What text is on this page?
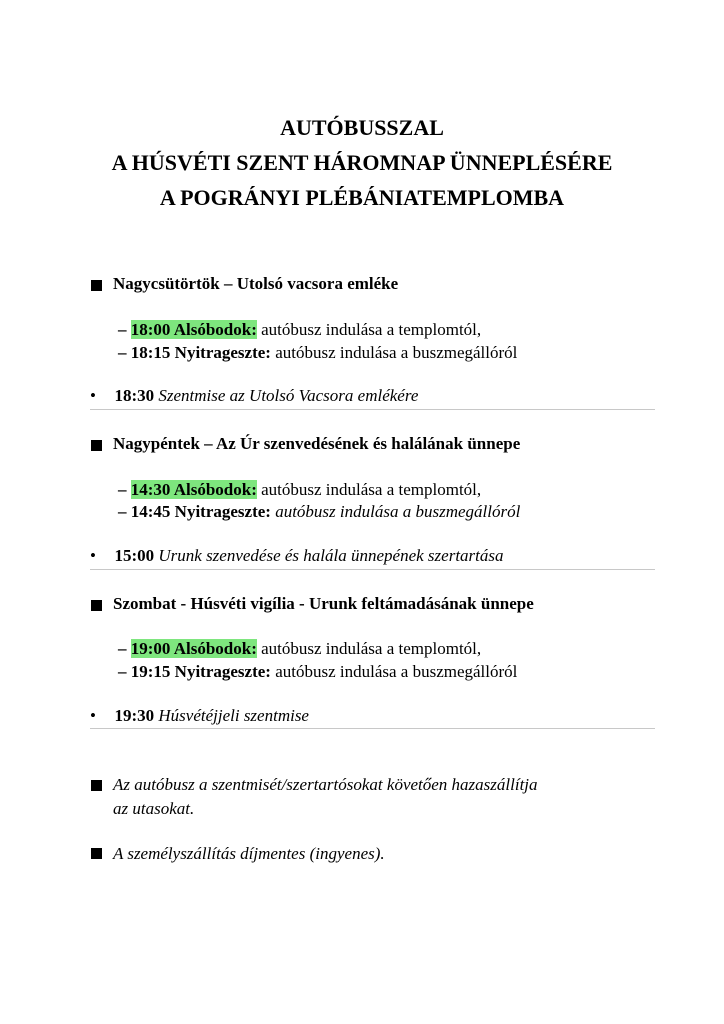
AUTÓBUSSZAL
A HÚSVÉTI SZENT HÁROMNAP ÜNNEPLÉSÉRE
A POGRÁNYI PLÉBÁNIATEMPLOMBA
Nagycsütörtök – Utolsó vacsora emléke
– 18:00 Alsóbodok: autóbusz indulása a templomtól,
– 18:15 Nyitrageszte: autóbusz indulása a buszmegállóról
• 18:30 Szentmise az Utolsó Vacsora emlékére
Nagypéntek – Az Úr szenvedésének és halálának ünnepe
– 14:30 Alsóbodok: autóbusz indulása a templomtól,
– 14:45 Nyitrageszte: autóbusz indulása a buszmegállóról
• 15:00 Urunk szenvedése és halála ünnepének szertartása
Szombat - Húsvéti vigília - Urunk feltámadásának ünnepe
– 19:00 Alsóbodok: autóbusz indulása a templomtól,
– 19:15 Nyitrageszte: autóbusz indulása a buszmegállóról
• 19:30 Húsvétéjjeli szentmise
Az autóbusz a szentmisét/szertartósokat követően hazaszállítja
az utasokat.
A személyszállítás díjmentes (ingyenes).
